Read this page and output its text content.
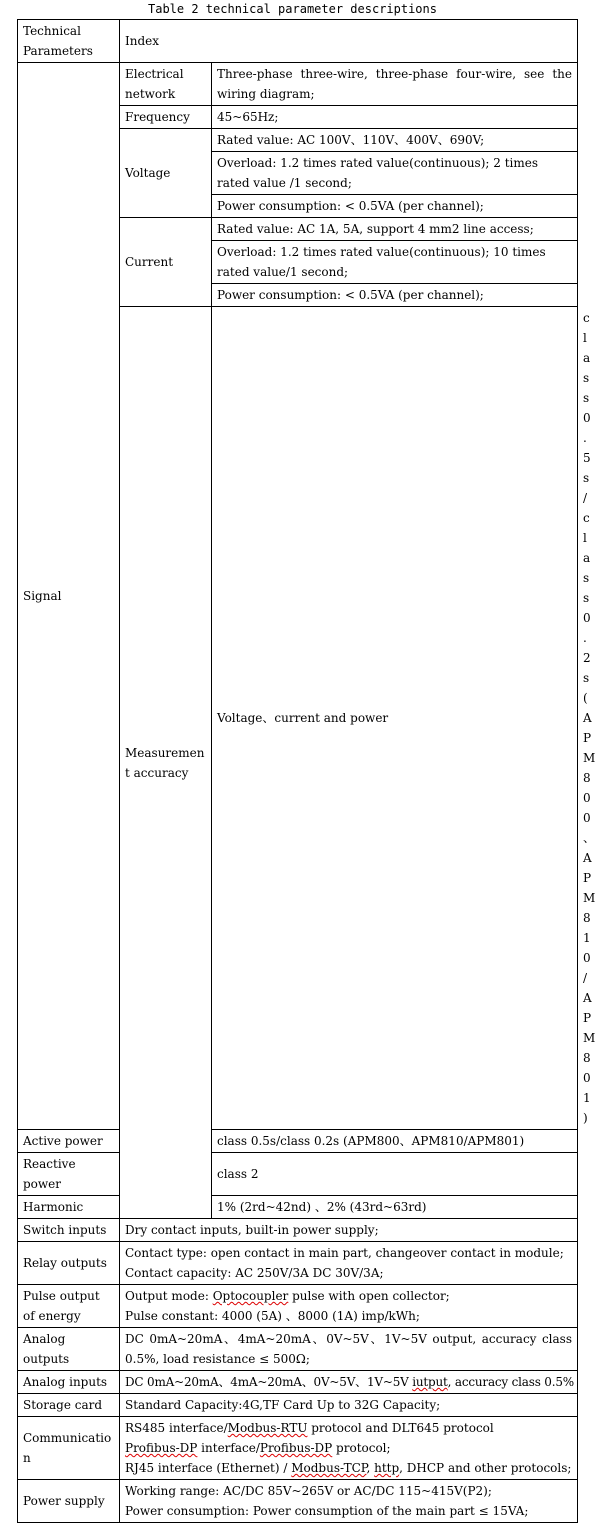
Table 2 technical parameter descriptions
Technical Parameters	Index		
Signal	Electrical network	Three-phase three-wire, three-phase four-wire, see the wiring diagram;	
	Frequency	45~65Hz;	
	Voltage	Rated value: AC 100V、110V、400V、690V;	
		Overload: 1.2 times rated value(continuous); 2 times rated value /1 second;	
		Power consumption: < 0.5VA (per channel);	
	Current	Rated value: AC 1A, 5A, support 4 mm2 line access;	
		Overload: 1.2 times rated value(continuous); 10 times rated value/1 second;	
		Power consumption: < 0.5VA (per channel);	
	Measurement accuracy	Voltage、current and power	class 0.5s/class 0.2s (APM800、APM810/APM801)
Active power		class 0.5s/class 0.2s (APM800、APM810/APM801)	
Reactive power		class 2	
Harmonic		1% (2rd~42nd) 、2% (43rd~63rd)	
Switch inputs	Dry contact inputs, built-in power supply;		
Relay outputs	Contact type: open contact in main part, changeover contact in module;
Contact capacity: AC 250V/3A DC 30V/3A;		

Pulse output of energy	Output mode: Optocoupler pulse with open collector;
Pulse constant: 4000 (5A) 、8000 (1A) imp/kWh;		

Analog outputs	DC 0mA~20mA、4mA~20mA、0V~5V、1V~5V output, accuracy class 0.5%, load resistance ≤ 500Ω;		
Analog inputs	DC 0mA~20mA、4mA~20mA、0V~5V、1V~5V iutput, accuracy class 0.5%		
Storage card	Standard Capacity:4G,TF Card Up to 32G Capacity;		
Communication	RS485 interface/Modbus-RTU protocol and DLT645 protocol
Profibus-DP interface/Profibus-DP protocol;
RJ45 interface (Ethernet) / Modbus-TCP, http, DHCP and other protocols;		

Power supply	Working range: AC/DC 85V~265V or AC/DC 115~415V(P2);
Power consumption: Power consumption of the main part ≤ 15VA;		
